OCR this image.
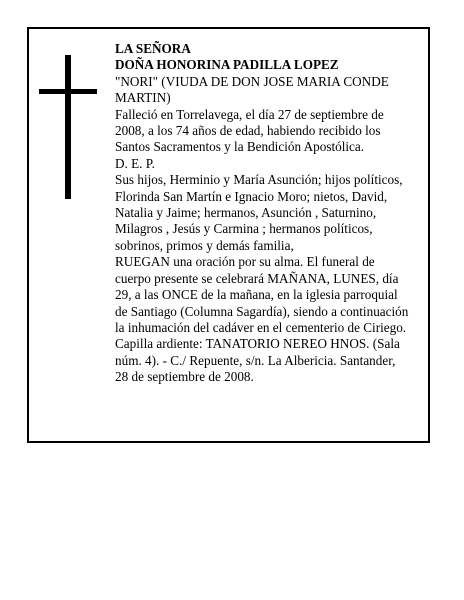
LA SEÑORA

DOÑA HONORINA PADILLA LOPEZ

"NORI" (VIUDA DE DON JOSE MARIA CONDE
MARTIN)

Falleció en Torrelavega, el día 27 de septiembre de
2008, a los 74 años de edad, habiendo recibido los
Santos Sacramentos y la Bendición Apostólica.

D. E. P.

Sus hijos, Herminio y María Asunción; hijos políticos,
Florinda San Martín e Ignacio Moro; nietos, David,
Natalia y Jaime; hermanos, Asunción , Saturnino,
Milagros , Jesús y Carmina ; hermanos políticos,
sobrinos, primos y demás familia,

RUEGAN una oración por su alma. El funeral de
cuerpo presente se celebrará MAÑANA, LUNES, día
29, a las ONCE de la mañana, en la iglesia parroquial
de Santiago (Columna Sagardía), siendo a continuación
la inhumación del cadáver en el cementerio de Ciriego.
Capilla ardiente: TANATORIO NEREO HNOS. (Sala
núm. 4). - C./ Repuente, s/n. La Albericia. Santander,
28 de septiembre de 2008.
